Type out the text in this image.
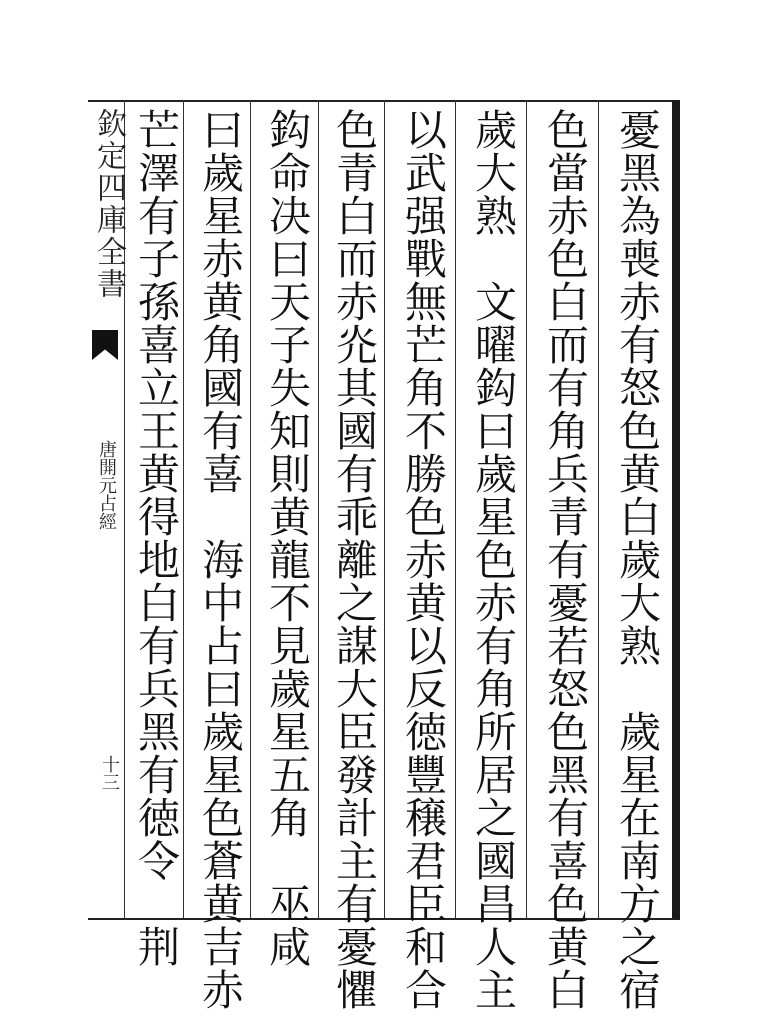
欽定四庫全書
唐開元占經
十三	憂黑為喪赤有怒色黄白歲大熟　歲星在南方之宿
色當赤色白而有角兵青有憂若怒色黑有喜色黄白
歲大熟　文曜鈎曰歲星色赤有角所居之國昌人主
以武强戰無芒角不勝色赤黄以反徳豐穣君臣和合
色青白而赤灮其國有乖離之謀大臣發計主有憂懼
鈎命决曰天子失知則黄龍不見歲星五角　巫咸
曰歲星赤黄角國有喜　海中占曰歲星色蒼黄吉赤
芒澤有子孫喜立王黄得地白有兵黑有徳令　荆
